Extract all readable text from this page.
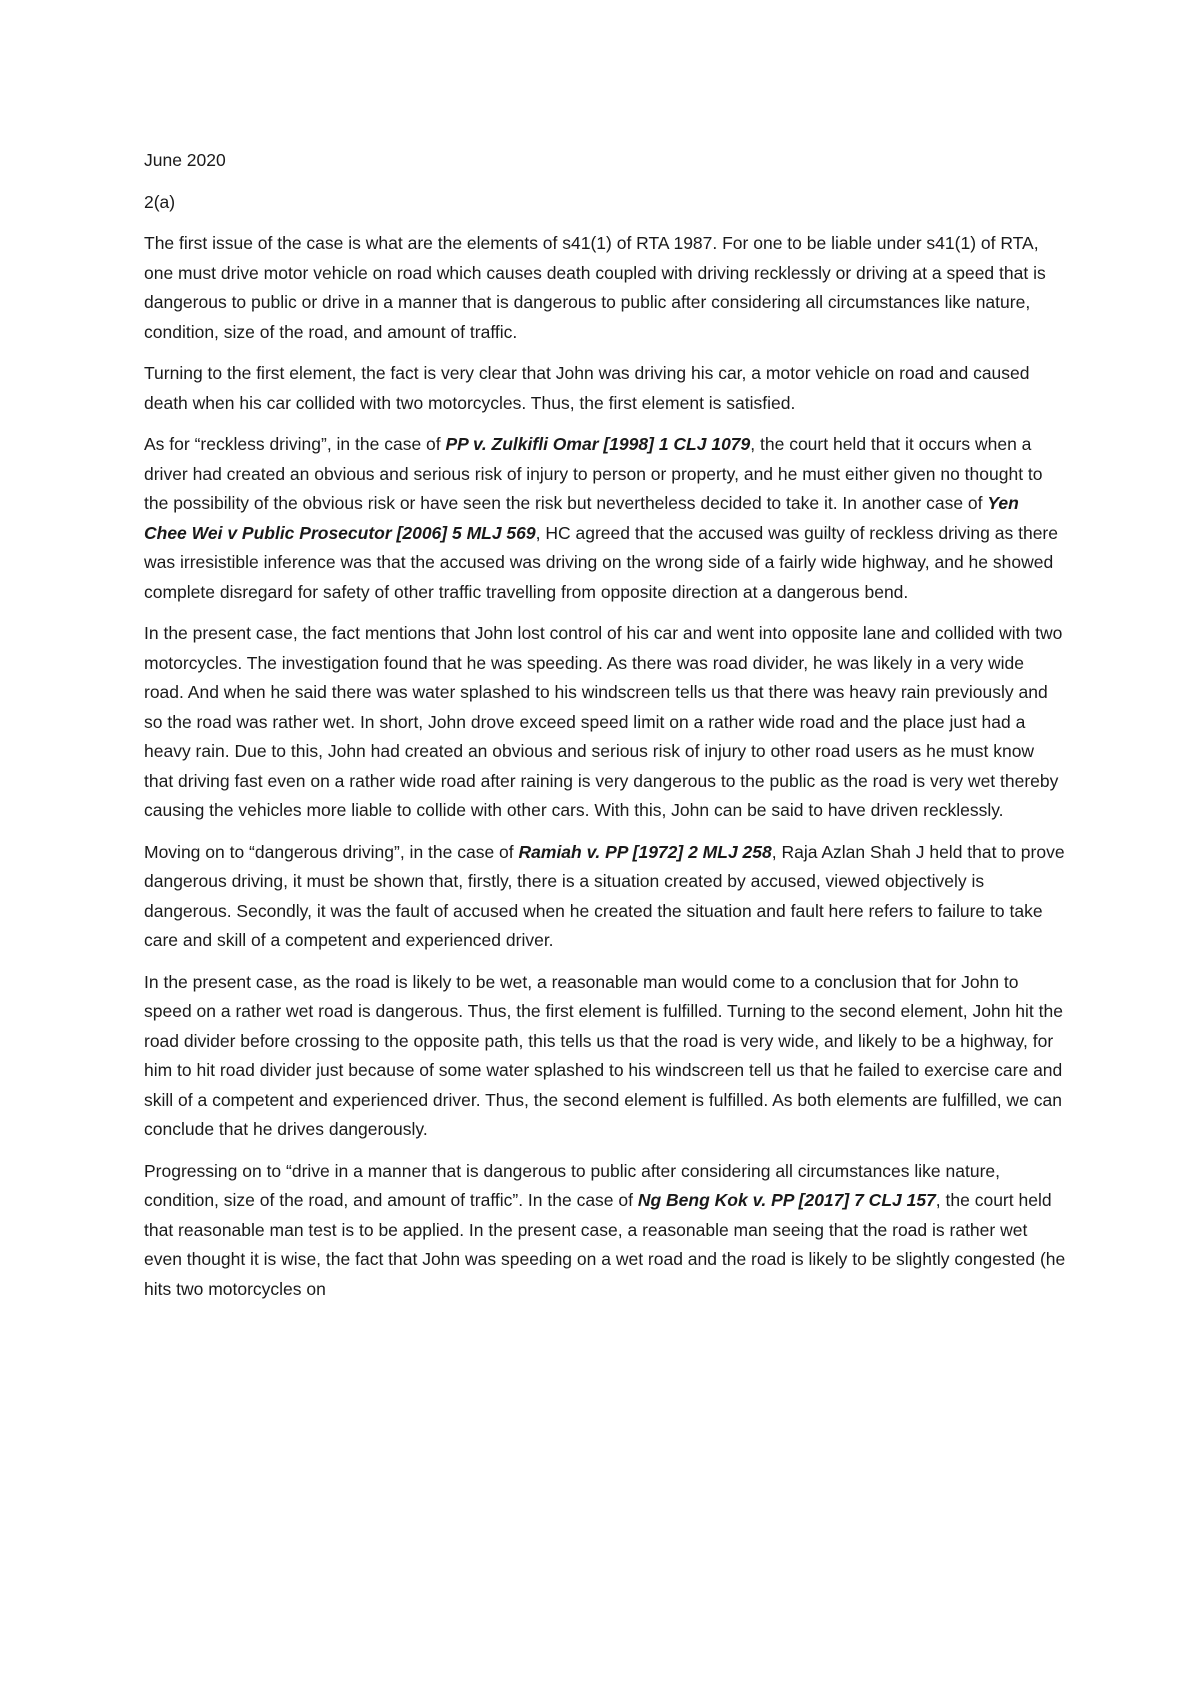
June 2020

2(a)

The first issue of the case is what are the elements of s41(1) of RTA 1987. For one to be liable under s41(1) of RTA, one must drive motor vehicle on road which causes death coupled with driving recklessly or driving at a speed that is dangerous to public or drive in a manner that is dangerous to public after considering all circumstances like nature, condition, size of the road, and amount of traffic.

Turning to the first element, the fact is very clear that John was driving his car, a motor vehicle on road and caused death when his car collided with two motorcycles. Thus, the first element is satisfied.

As for “reckless driving”, in the case of PP v. Zulkifli Omar [1998] 1 CLJ 1079, the court held that it occurs when a driver had created an obvious and serious risk of injury to person or property, and he must either given no thought to the possibility of the obvious risk or have seen the risk but nevertheless decided to take it. In another case of Yen Chee Wei v Public Prosecutor [2006] 5 MLJ 569, HC agreed that the accused was guilty of reckless driving as there was irresistible inference was that the accused was driving on the wrong side of a fairly wide highway, and he showed complete disregard for safety of other traffic travelling from opposite direction at a dangerous bend.

In the present case, the fact mentions that John lost control of his car and went into opposite lane and collided with two motorcycles. The investigation found that he was speeding. As there was road divider, he was likely in a very wide road. And when he said there was water splashed to his windscreen tells us that there was heavy rain previously and so the road was rather wet. In short, John drove exceed speed limit on a rather wide road and the place just had a heavy rain. Due to this, John had created an obvious and serious risk of injury to other road users as he must know that driving fast even on a rather wide road after raining is very dangerous to the public as the road is very wet thereby causing the vehicles more liable to collide with other cars. With this, John can be said to have driven recklessly.

Moving on to “dangerous driving”, in the case of Ramiah v. PP [1972] 2 MLJ 258, Raja Azlan Shah J held that to prove dangerous driving, it must be shown that, firstly, there is a situation created by accused, viewed objectively is dangerous. Secondly, it was the fault of accused when he created the situation and fault here refers to failure to take care and skill of a competent and experienced driver.

In the present case, as the road is likely to be wet, a reasonable man would come to a conclusion that for John to speed on a rather wet road is dangerous. Thus, the first element is fulfilled. Turning to the second element, John hit the road divider before crossing to the opposite path, this tells us that the road is very wide, and likely to be a highway, for him to hit road divider just because of some water splashed to his windscreen tell us that he failed to exercise care and skill of a competent and experienced driver. Thus, the second element is fulfilled. As both elements are fulfilled, we can conclude that he drives dangerously.

Progressing on to “drive in a manner that is dangerous to public after considering all circumstances like nature, condition, size of the road, and amount of traffic”. In the case of Ng Beng Kok v. PP [2017] 7 CLJ 157, the court held that reasonable man test is to be applied. In the present case, a reasonable man seeing that the road is rather wet even thought it is wise, the fact that John was speeding on a wet road and the road is likely to be slightly congested (he hits two motorcycles on
